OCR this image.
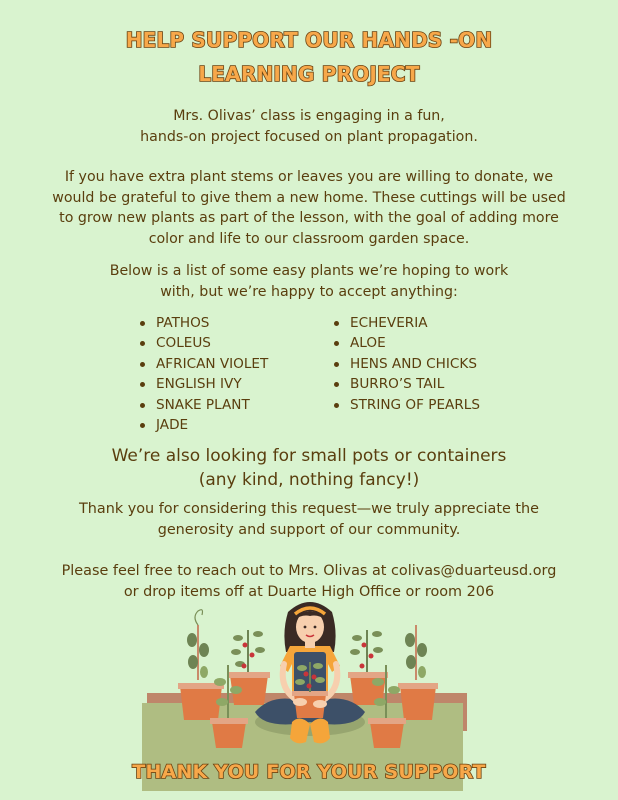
HELP SUPPORT OUR HANDS -ON
LEARNING PROJECT
Mrs. Olivas’ class is engaging in a fun,
hands-on project focused on plant propagation.
If you have extra plant stems or leaves you are willing to donate, we
would be grateful to give them a new home. These cuttings will be used
to grow new plants as part of the lesson, with the goal of adding more
color and life to our classroom garden space.
Below is a list of some easy plants we’re hoping to work
with, but we’re happy to accept anything:
PATHOS
COLEUS
AFRICAN VIOLET
ENGLISH IVY
SNAKE PLANT
JADE
ECHEVERIA
ALOE
HENS AND CHICKS
BURRO’S TAIL
STRING OF PEARLS
We’re also looking for small pots or containers
(any kind, nothing fancy!)
Thank you for considering this request—we truly appreciate the
generosity and support of our community.
Please feel free to reach out to Mrs. Olivas at colivas@duarteusd.org
or drop items off at Duarte High Office or room 206
THANK YOU FOR YOUR SUPPORT
